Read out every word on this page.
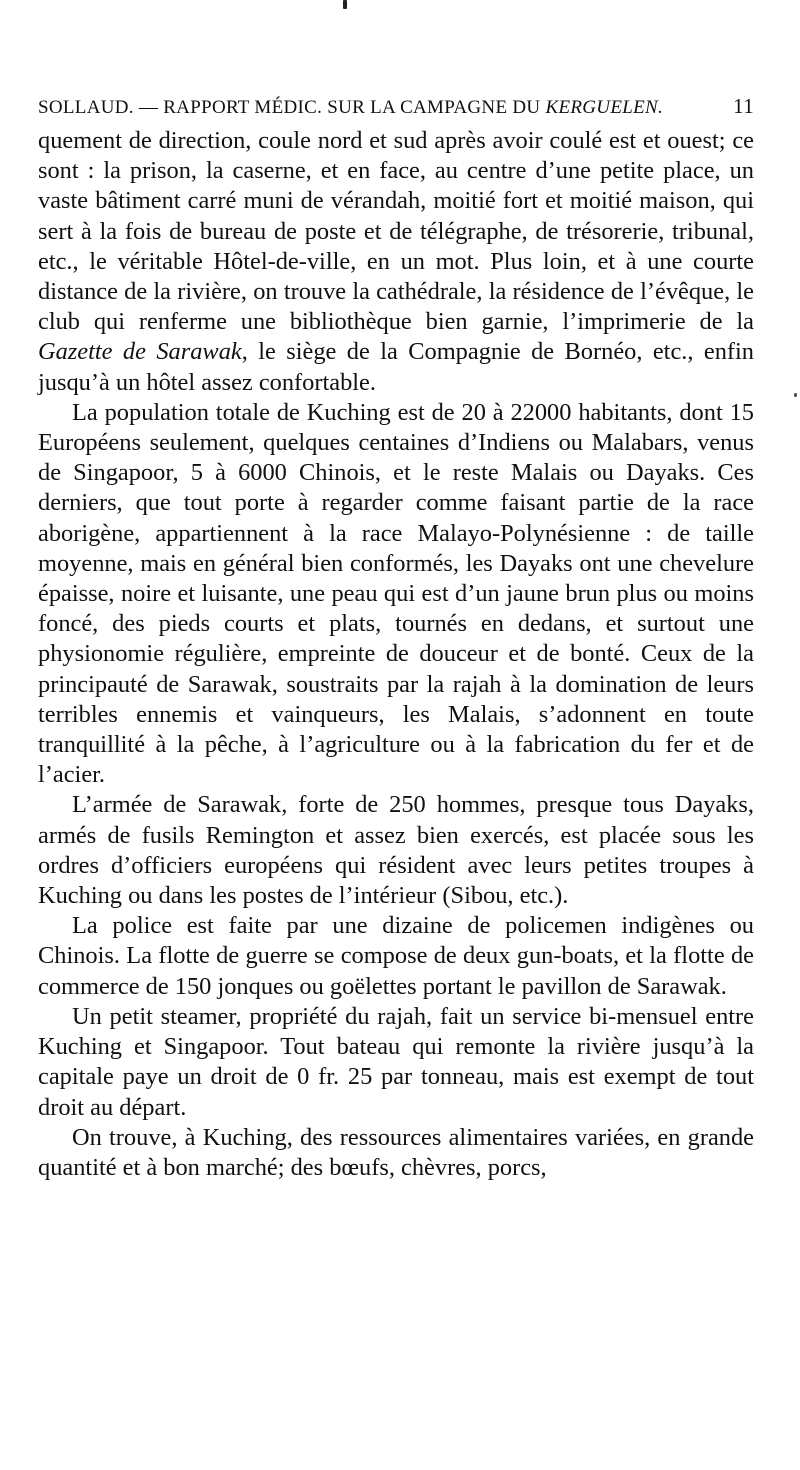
SOLLAUD. — RAPPORT MÉDIC. SUR LA CAMPAGNE DU KERGUELEN.	11

quement de direction, coule nord et sud après avoir coulé est et ouest; ce sont : la prison, la caserne, et en face, au centre d’une petite place, un vaste bâtiment carré muni de vérandah, moitié fort et moitié maison, qui sert à la fois de bureau de poste et de télégraphe, de trésorerie, tribunal, etc., le véritable Hôtel-de-ville, en un mot. Plus loin, et à une courte distance de la rivière, on trouve la cathédrale, la résidence de l’évêque, le club qui renferme une bibliothèque bien garnie, l’imprimerie de la Gazette de Sarawak, le siège de la Compagnie de Bornéo, etc., enfin jusqu’à un hôtel assez confortable.

La population totale de Kuching est de 20 à 22000 habitants, dont 15 Européens seulement, quelques centaines d’Indiens ou Malabars, venus de Singapoor, 5 à 6000 Chinois, et le reste Malais ou Dayaks. Ces derniers, que tout porte à regarder comme faisant partie de la race aborigène, appartiennent à la race Malayo-Polynésienne : de taille moyenne, mais en général bien conformés, les Dayaks ont une chevelure épaisse, noire et luisante, une peau qui est d’un jaune brun plus ou moins foncé, des pieds courts et plats, tournés en dedans, et surtout une physionomie régulière, empreinte de douceur et de bonté. Ceux de la principauté de Sarawak, soustraits par la rajah à la domination de leurs terribles ennemis et vainqueurs, les Malais, s’adonnent en toute tranquillité à la pêche, à l’agriculture ou à la fabrication du fer et de l’acier.

L’armée de Sarawak, forte de 250 hommes, presque tous Dayaks, armés de fusils Remington et assez bien exercés, est placée sous les ordres d’officiers européens qui résident avec leurs petites troupes à Kuching ou dans les postes de l’intérieur (Sibou, etc.).

La police est faite par une dizaine de policemen indigènes ou Chinois. La flotte de guerre se compose de deux gun-boats, et la flotte de commerce de 150 jonques ou goëlettes portant le pavillon de Sarawak.

Un petit steamer, propriété du rajah, fait un service bi-mensuel entre Kuching et Singapoor. Tout bateau qui remonte la rivière jusqu’à la capitale paye un droit de 0 fr. 25 par tonneau, mais est exempt de tout droit au départ.

On trouve, à Kuching, des ressources alimentaires variées, en grande quantité et à bon marché; des bœufs, chèvres, porcs,
